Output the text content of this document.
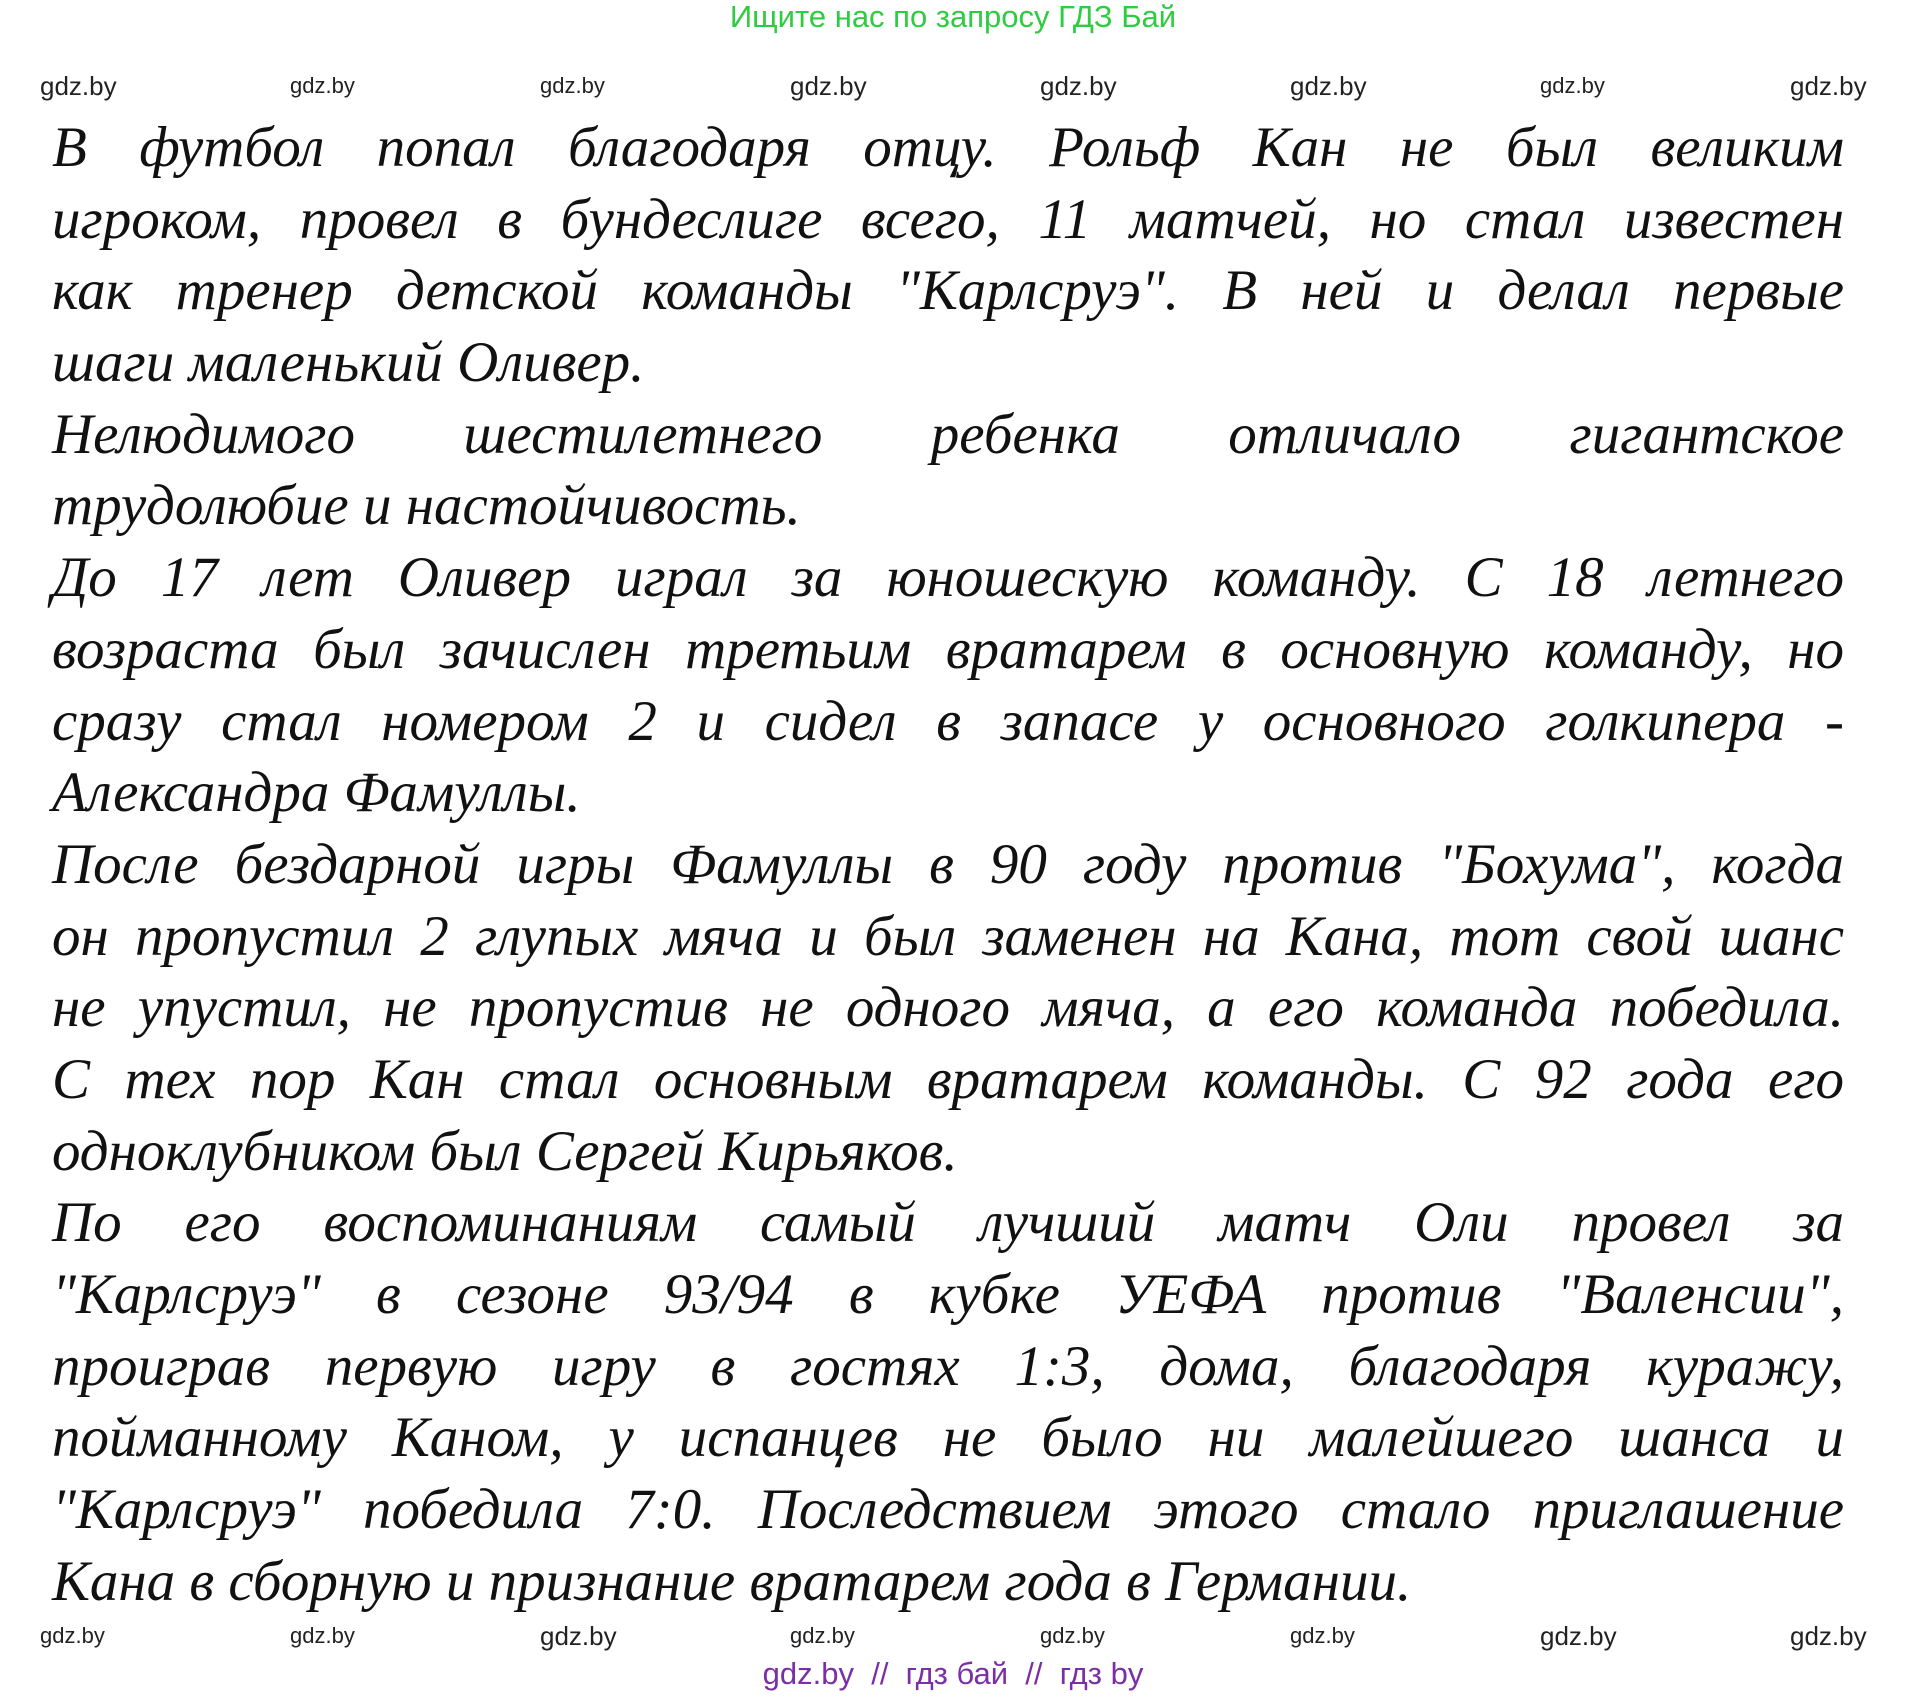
Ищите нас по запросу ГДЗ Бай
gdz.by	gdz.by	gdz.by	gdz.by	gdz.by	gdz.by	gdz.by	gdz.by
В футбол попал благодаря отцу. Рольф Кан не был великим
игроком, провел в бундеслиге всего, 11 матчей, но стал известен
как тренер детской команды "Карлсруэ". В ней и делал первые
шаги маленький Оливер.
Нелюдимого шестилетнего ребенка отличало гигантское
трудолюбие и настойчивость.
До 17 лет Оливер играл за юношескую команду. С 18 летнего
возраста был зачислен третьим вратарем в основную команду, но
сразу стал номером 2 и сидел в запасе у основного голкипера -
Александра Фамуллы.
После бездарной игры Фамуллы в 90 году против "Бохума", когда
он пропустил 2 глупых мяча и был заменен на Кана, тот свой шанс
не упустил, не пропустив не одного мяча, а его команда победила.
С тех пор Кан стал основным вратарем команды. С 92 года его
одноклубником был Сергей Кирьяков.
По его воспоминаниям самый лучший матч Оли провел за
"Карлсруэ" в сезоне 93/94 в кубке УЕФА против "Валенсии",
проиграв первую игру в гостях 1:3, дома, благодаря куражу,
пойманному Каном, у испанцев не было ни малейшего шанса и
"Карлсруэ" победила 7:0. Последствием этого стало приглашение
Кана в сборную и признание вратарем года в Германии.
gdz.by	gdz.by	gdz.by	gdz.by	gdz.by	gdz.by	gdz.by	gdz.by
gdz.by  //  гдз бай  //  гдз by
